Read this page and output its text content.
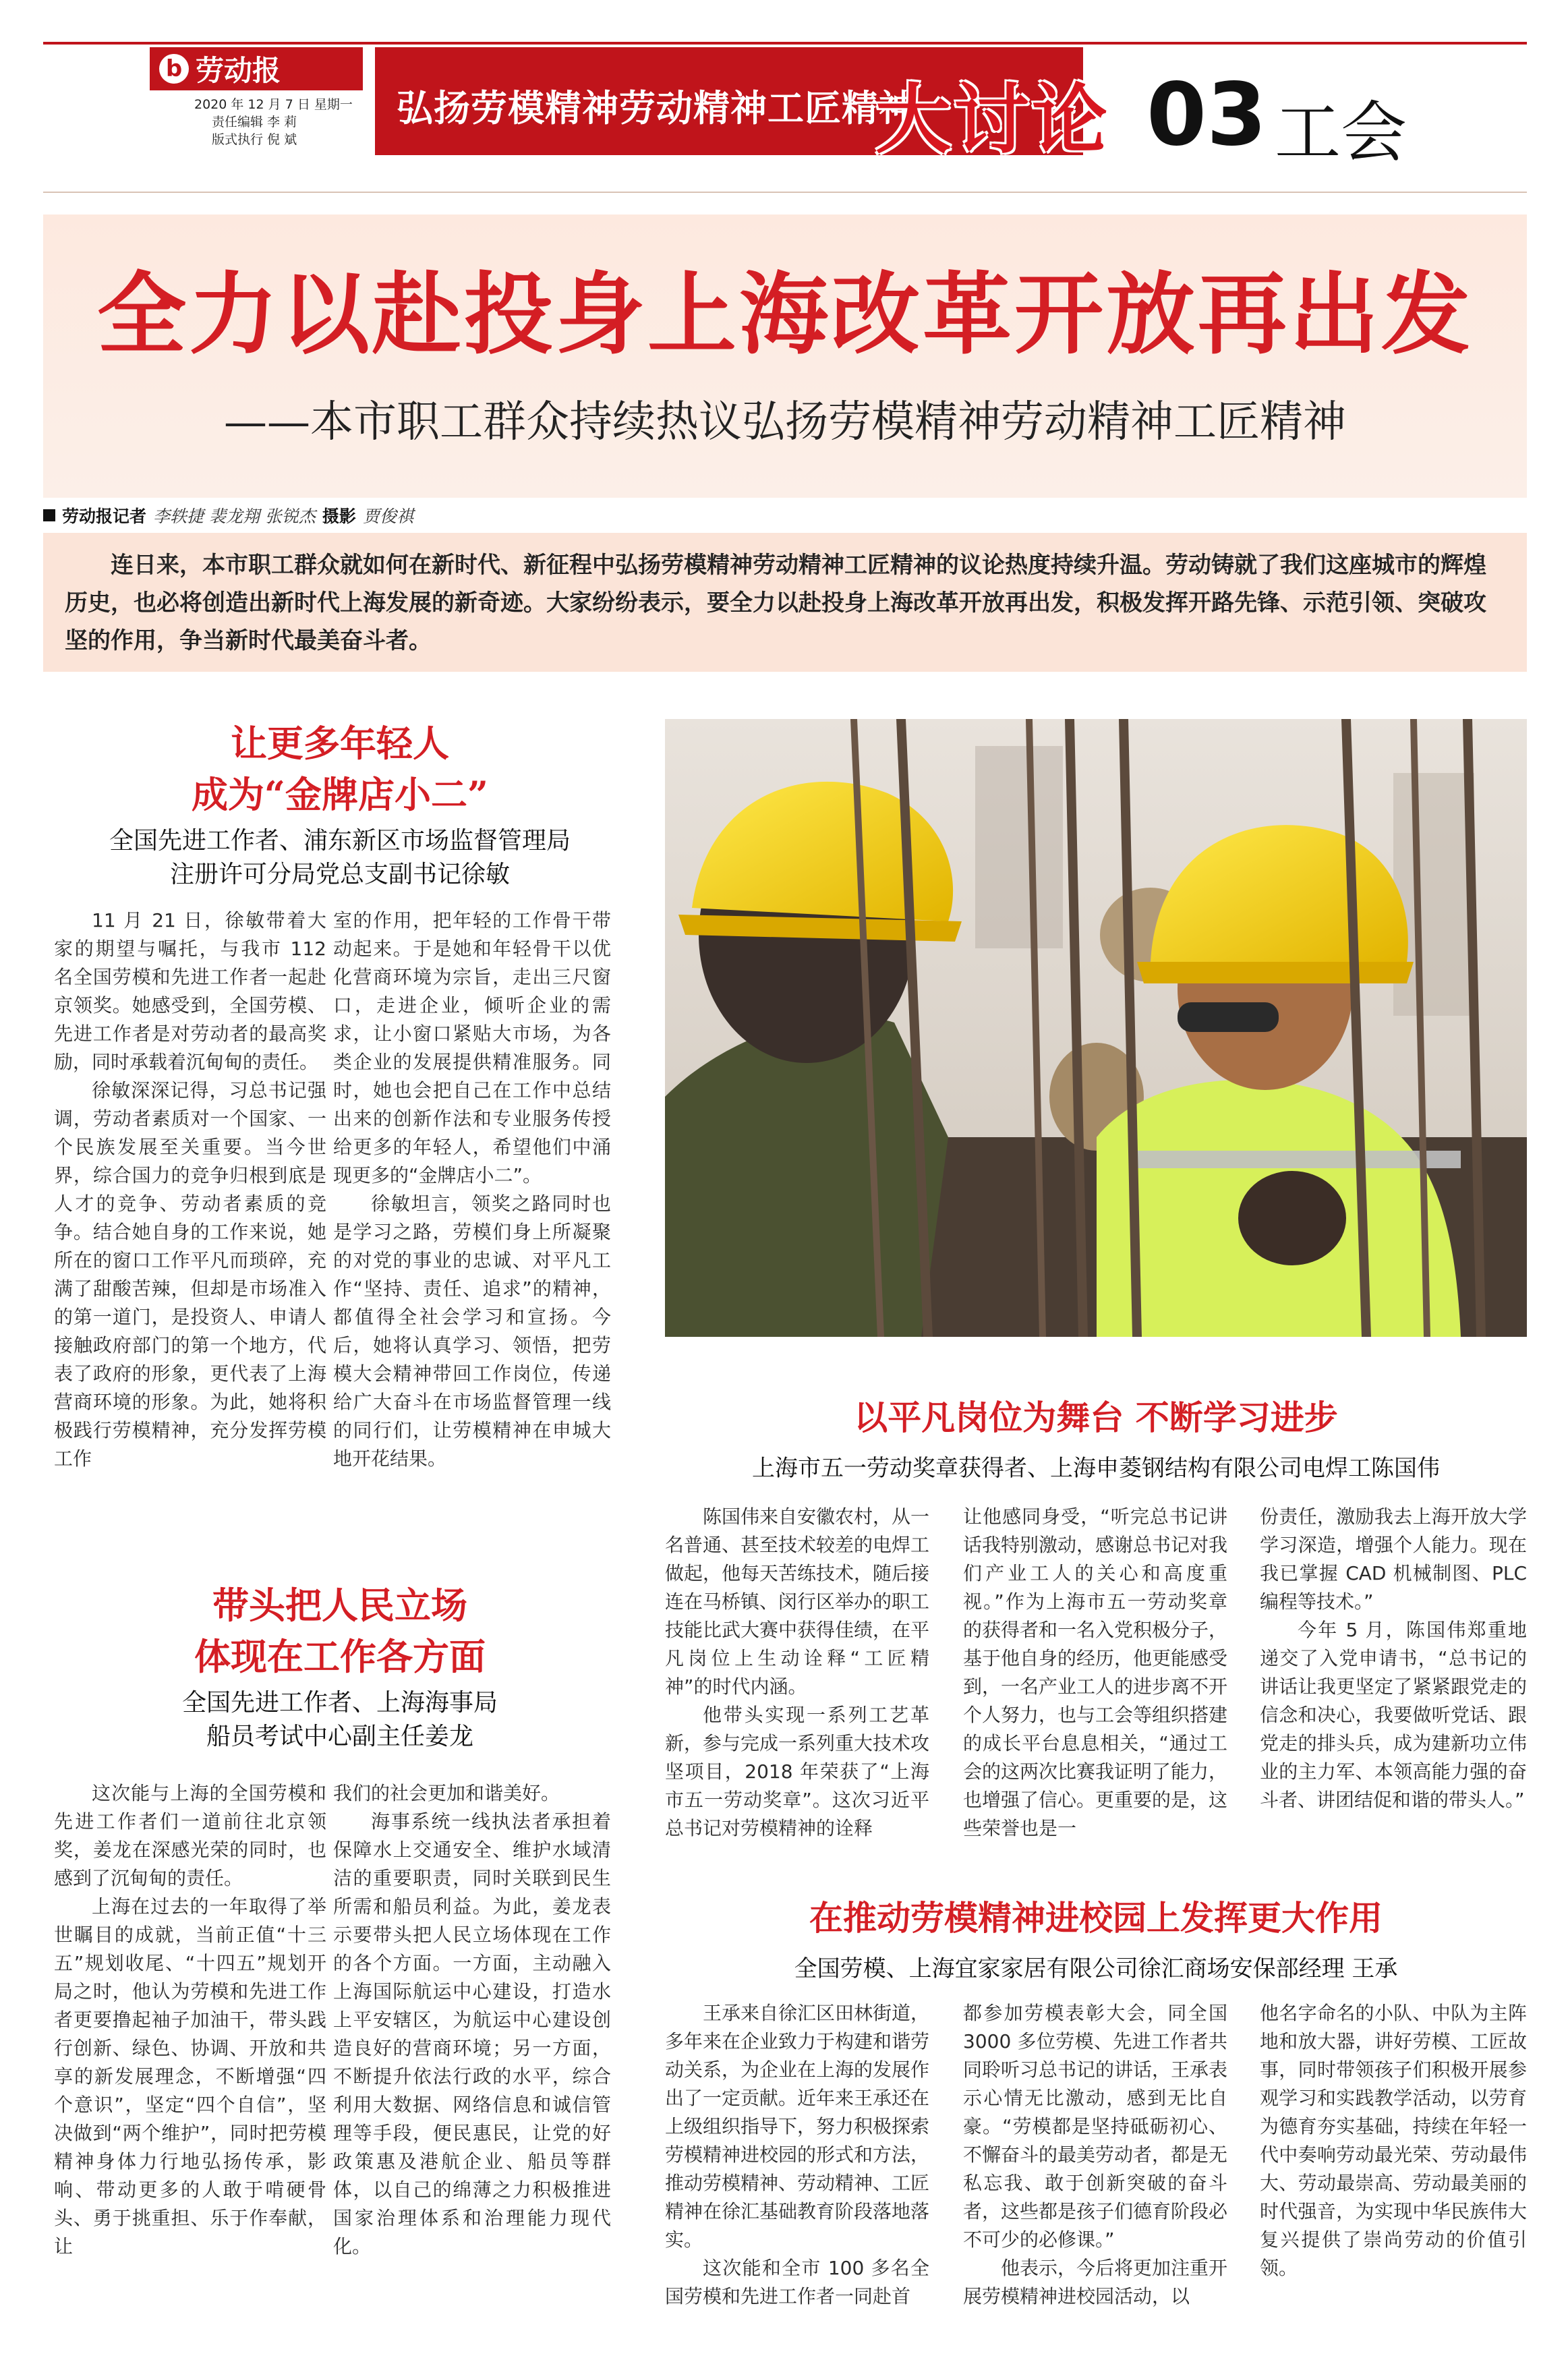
b 劳动报
2020 年 12 月 7 日 星期一
责任编辑 李 莉
版式执行 倪 斌
弘扬劳模精神劳动精神工匠精神
大讨论 03 工会
全力以赴投身上海改革开放再出发
——本市职工群众持续热议弘扬劳模精神劳动精神工匠精神
劳动报记者 李轶捷 裴龙翔 张锐杰 摄影 贾俊祺
连日来，本市职工群众就如何在新时代、新征程中弘扬劳模精神劳动精神工匠精神的议论热度持续升温。劳动铸就了我们这座城市的辉煌历史，也必将创造出新时代上海发展的新奇迹。大家纷纷表示，要全力以赴投身上海改革开放再出发，积极发挥开路先锋、示范引领、突破攻坚的作用，争当新时代最美奋斗者。
让更多年轻人
成为“金牌店小二”
全国先进工作者、浦东新区市场监督管理局
注册许可分局党总支副书记徐敏

11 月 21 日，徐敏带着大家的期望与嘱托，与我市 112 名全国劳模和先进工作者一起赴京领奖。她感受到，全国劳模、先进工作者是对劳动者的最高奖励，同时承载着沉甸甸的责任。

徐敏深深记得，习总书记强调，劳动者素质对一个国家、一个民族发展至关重要。当今世界，综合国力的竞争归根到底是人才的竞争、劳动者素质的竞争。结合她自身的工作来说，她所在的窗口工作平凡而琐碎，充满了甜酸苦辣，但却是市场准入的第一道门，是投资人、申请人接触政府部门的第一个地方，代表了政府的形象，更代表了上海营商环境的形象。为此，她将积极践行劳模精神，充分发挥劳模工作

室的作用，把年轻的工作骨干带动起来。于是她和年轻骨干以优化营商环境为宗旨，走出三尺窗口，走进企业，倾听企业的需求，让小窗口紧贴大市场，为各类企业的发展提供精准服务。同时，她也会把自己在工作中总结出来的创新作法和专业服务传授给更多的年轻人，希望他们中涌现更多的“金牌店小二”。

徐敏坦言，领奖之路同时也是学习之路，劳模们身上所凝聚的对党的事业的忠诚、对平凡工作“坚持、责任、追求”的精神，都值得全社会学习和宣扬。今后，她将认真学习、领悟，把劳模大会精神带回工作岗位，传递给广大奋斗在市场监督管理一线的同行们，让劳模精神在申城大地开花结果。

以平凡岗位为舞台 不断学习进步
上海市五一劳动奖章获得者、上海申菱钢结构有限公司电焊工陈国伟

陈国伟来自安徽农村，从一名普通、甚至技术较差的电焊工做起，他每天苦练技术，随后接连在马桥镇、闵行区举办的职工技能比武大赛中获得佳绩，在平凡岗位上生动诠释“工匠精神”的时代内涵。

他带头实现一系列工艺革新，参与完成一系列重大技术攻坚项目，2018 年荣获了“上海市五一劳动奖章”。这次习近平总书记对劳模精神的诠释

让他感同身受，“听完总书记讲话我特别激动，感谢总书记对我们产业工人的关心和高度重视。”作为上海市五一劳动奖章的获得者和一名入党积极分子，基于他自身的经历，他更能感受到，一名产业工人的进步离不开个人努力，也与工会等组织搭建的成长平台息息相关，“通过工会的这两次比赛我证明了能力，也增强了信心。更重要的是，这些荣誉也是一

份责任，激励我去上海开放大学学习深造，增强个人能力。现在我已掌握 CAD 机械制图、PLC 编程等技术。”

今年 5 月，陈国伟郑重地递交了入党申请书，“总书记的讲话让我更坚定了紧紧跟党走的信念和决心，我要做听党话、跟党走的排头兵，成为建新功立伟业的主力军、本领高能力强的奋斗者、讲团结促和谐的带头人。”

带头把人民立场
体现在工作各方面
全国先进工作者、上海海事局
船员考试中心副主任姜龙

这次能与上海的全国劳模和先进工作者们一道前往北京领奖，姜龙在深感光荣的同时，也感到了沉甸甸的责任。

上海在过去的一年取得了举世瞩目的成就，当前正值“十三五”规划收尾、“十四五”规划开局之时，他认为劳模和先进工作者更要撸起袖子加油干，带头践行创新、绿色、协调、开放和共享的新发展理念，不断增强“四个意识”，坚定“四个自信”，坚决做到“两个维护”，同时把劳模精神身体力行地弘扬传承，影响、带动更多的人敢于啃硬骨头、勇于挑重担、乐于作奉献，让

我们的社会更加和谐美好。

海事系统一线执法者承担着保障水上交通安全、维护水域清洁的重要职责，同时关联到民生所需和船员利益。为此，姜龙表示要带头把人民立场体现在工作的各个方面。一方面，主动融入上海国际航运中心建设，打造水上平安辖区，为航运中心建设创造良好的营商环境；另一方面，不断提升依法行政的水平，综合利用大数据、网络信息和诚信管理等手段，便民惠民，让党的好政策惠及港航企业、船员等群体，以自己的绵薄之力积极推进国家治理体系和治理能力现代化。

在推动劳模精神进校园上发挥更大作用
全国劳模、上海宜家家居有限公司徐汇商场安保部经理 王承

王承来自徐汇区田林街道，多年来在企业致力于构建和谐劳动关系，为企业在上海的发展作出了一定贡献。近年来王承还在上级组织指导下，努力积极探索劳模精神进校园的形式和方法，推动劳模精神、劳动精神、工匠精神在徐汇基础教育阶段落地落实。

这次能和全市 100 多名全国劳模和先进工作者一同赴首

都参加劳模表彰大会，同全国 3000 多位劳模、先进工作者共同聆听习总书记的讲话，王承表示心情无比激动，感到无比自豪。“劳模都是坚持砥砺初心、不懈奋斗的最美劳动者，都是无私忘我、敢于创新突破的奋斗者，这些都是孩子们德育阶段必不可少的必修课。”

他表示，今后将更加注重开展劳模精神进校园活动，以

他名字命名的小队、中队为主阵地和放大器，讲好劳模、工匠故事，同时带领孩子们积极开展参观学习和实践教学活动，以劳育为德育夯实基础，持续在年轻一代中奏响劳动最光荣、劳动最伟大、劳动最崇高、劳动最美丽的时代强音，为实现中华民族伟大复兴提供了崇尚劳动的价值引领。
